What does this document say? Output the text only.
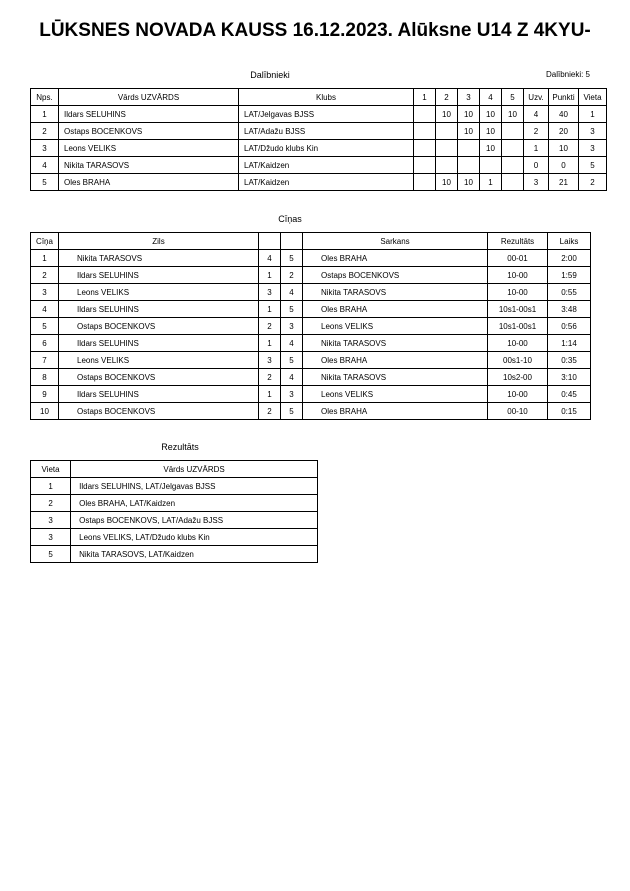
LŪKSNES NOVADA KAUSS 16.12.2023. Alūksne U14 Z 4KYU-
Dalībnieki	Dalībnieki: 5
Nps.	Vārds UZVĀRDS	Klubs	1	2	3	4	5	Uzv.	Punkti	Vieta
1	Ildars SELUHINS	LAT/Jelgavas BJSS		10	10	10	10	4	40	1
2	Ostaps BOCENKOVS	LAT/Adažu BJSS			10	10		2	20	3
3	Leons VELIKS	LAT/Džudo klubs Kin				10		1	10	3
4	Nikita TARASOVS	LAT/Kaidzen						0	0	5
5	Oles BRAHA	LAT/Kaidzen		10	10	1		3	21	2
Cīņas
Cīņa	Zils			Sarkans	Rezultāts	Laiks
1	Nikita TARASOVS	4	5	Oles BRAHA	00-01	2:00
2	Ildars SELUHINS	1	2	Ostaps BOCENKOVS	10-00	1:59
3	Leons VELIKS	3	4	Nikita TARASOVS	10-00	0:55
4	Ildars SELUHINS	1	5	Oles BRAHA	10s1-00s1	3:48
5	Ostaps BOCENKOVS	2	3	Leons VELIKS	10s1-00s1	0:56
6	Ildars SELUHINS	1	4	Nikita TARASOVS	10-00	1:14
7	Leons VELIKS	3	5	Oles BRAHA	00s1-10	0:35
8	Ostaps BOCENKOVS	2	4	Nikita TARASOVS	10s2-00	3:10
9	Ildars SELUHINS	1	3	Leons VELIKS	10-00	0:45
10	Ostaps BOCENKOVS	2	5	Oles BRAHA	00-10	0:15
Rezultāts
Vieta	Vārds UZVĀRDS
1	Ildars SELUHINS, LAT/Jelgavas BJSS
2	Oles BRAHA, LAT/Kaidzen
3	Ostaps BOCENKOVS, LAT/Adažu BJSS
3	Leons VELIKS, LAT/Džudo klubs Kin
5	Nikita TARASOVS, LAT/Kaidzen
